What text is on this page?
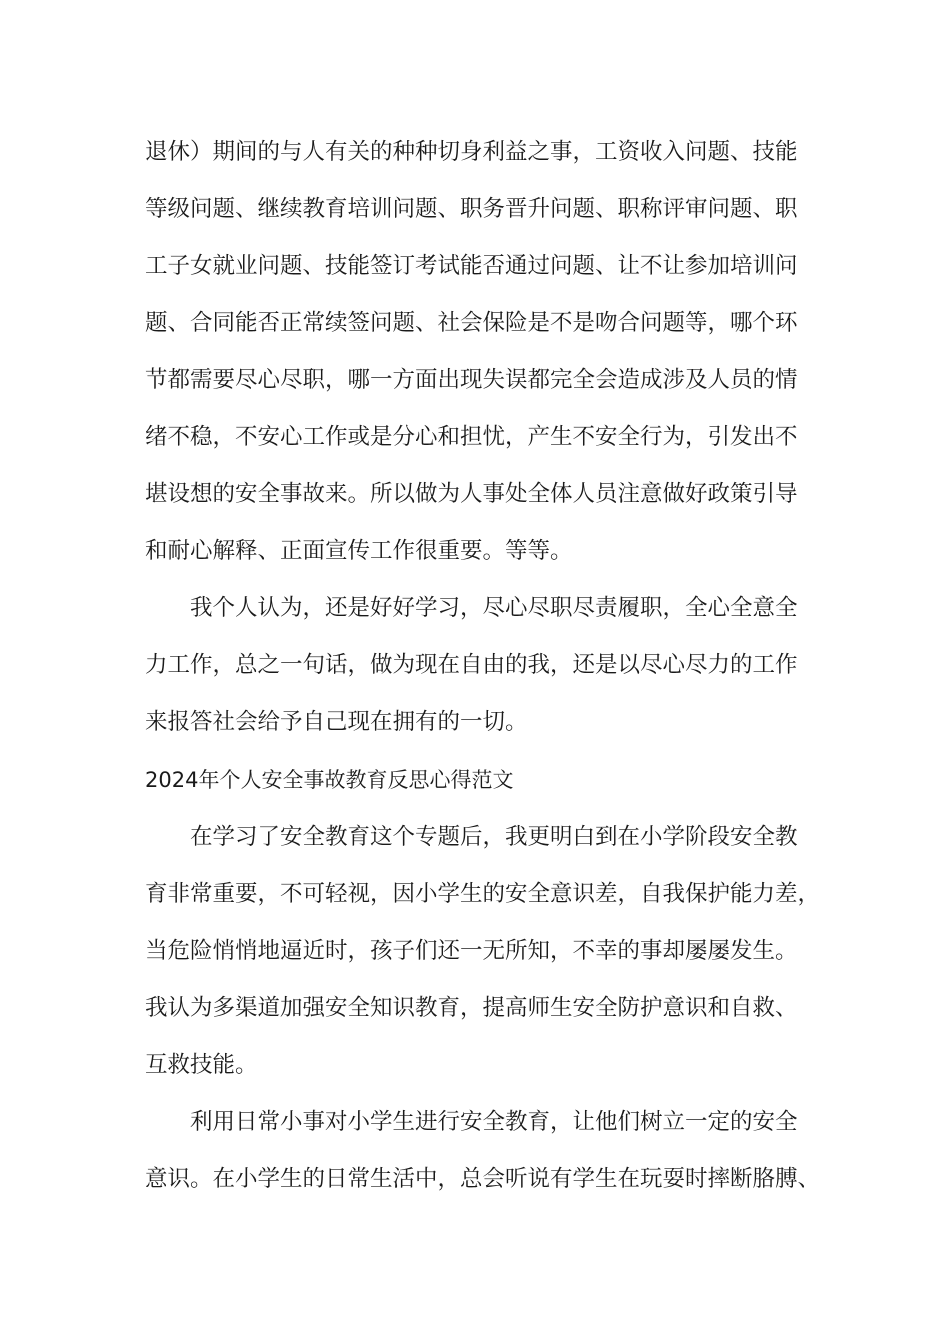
退休）期间的与人有关的种种切身利益之事，工资收入问题、技能
等级问题、继续教育培训问题、职务晋升问题、职称评审问题、职
工子女就业问题、技能签订考试能否通过问题、让不让参加培训问
题、合同能否正常续签问题、社会保险是不是吻合问题等，哪个环
节都需要尽心尽职，哪一方面出现失误都完全会造成涉及人员的情
绪不稳，不安心工作或是分心和担忧，产生不安全行为，引发出不
堪设想的安全事故来。所以做为人事处全体人员注意做好政策引导
和耐心解释、正面宣传工作很重要。等等。
我个人认为，还是好好学习，尽心尽职尽责履职，全心全意全
力工作，总之一句话，做为现在自由的我，还是以尽心尽力的工作
来报答社会给予自己现在拥有的一切。
2024年个人安全事故教育反思心得范文
在学习了安全教育这个专题后，我更明白到在小学阶段安全教
育非常重要，不可轻视，因小学生的安全意识差，自我保护能力差，
当危险悄悄地逼近时，孩子们还一无所知，不幸的事却屡屡发生。
我认为多渠道加强安全知识教育，提高师生安全防护意识和自救、
互救技能。
利用日常小事对小学生进行安全教育，让他们树立一定的安全
意识。在小学生的日常生活中，总会听说有学生在玩耍时摔断胳膊、
